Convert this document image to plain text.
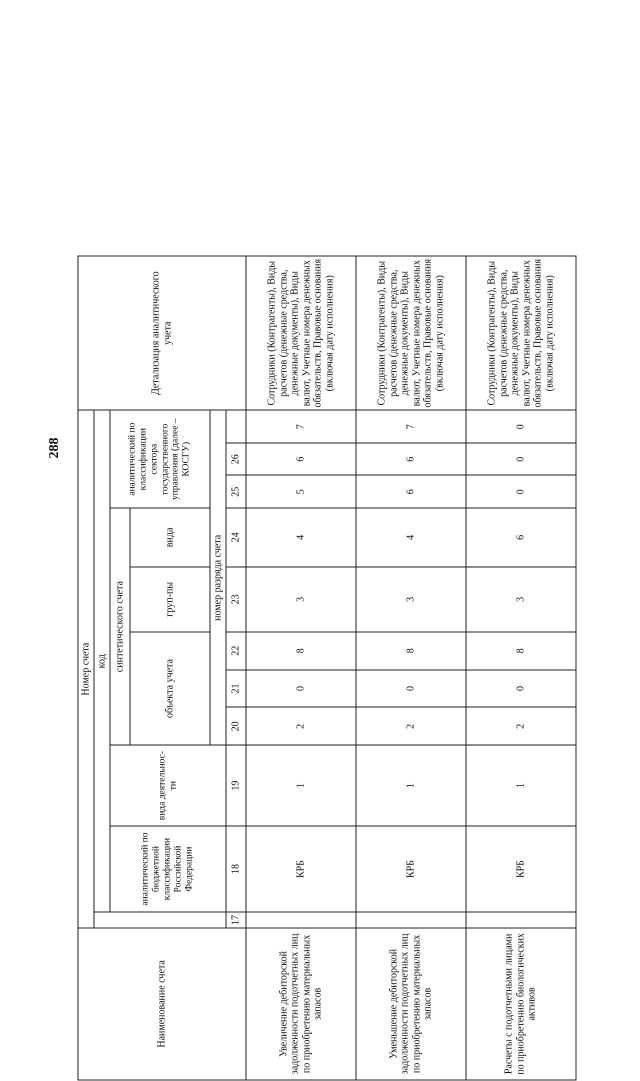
288
Наименование счета	Номер счета											Детализация аналитического учета
		код										
		аналитический по бюджетной классификации Российской Федерации	вида деятельнос-ти	синтетического счета					аналитический по классификации сектора государственного управления (далее – КОСГУ)			
				объекта учета			груп-пы	вида				
				номер разряда счета								
	17	18	19	20	21	22	23	24	25	26		
Увеличение дебиторской задолженности подотчетных лиц по приобретению материальных запасов		КРБ	1	2	0	8	3	4	5	6	7	Сотрудники (Контрагенты), Виды расчетов (денежные средства, денежные документы), Виды валют, Учетные номера денежных обязательств, Правовые основания (включая дату исполнения)
Уменьшение дебиторской задолженности подотчетных лиц по приобретению материальных запасов		КРБ	1	2	0	8	3	4	6	6	7	Сотрудники (Контрагенты), Виды расчетов (денежные средства, денежные документы), Виды валют, Учетные номера денежных обязательств, Правовые основания (включая дату исполнения)
Расчеты с подотчетными лицами по приобретению биологических активов		КРБ	1	2	0	8	3	6	0	0	0	Сотрудники (Контрагенты), Виды расчетов (денежные средства, денежные документы), Виды валют, Учетные номера денежных обязательств, Правовые основания (включая дату исполнения)
